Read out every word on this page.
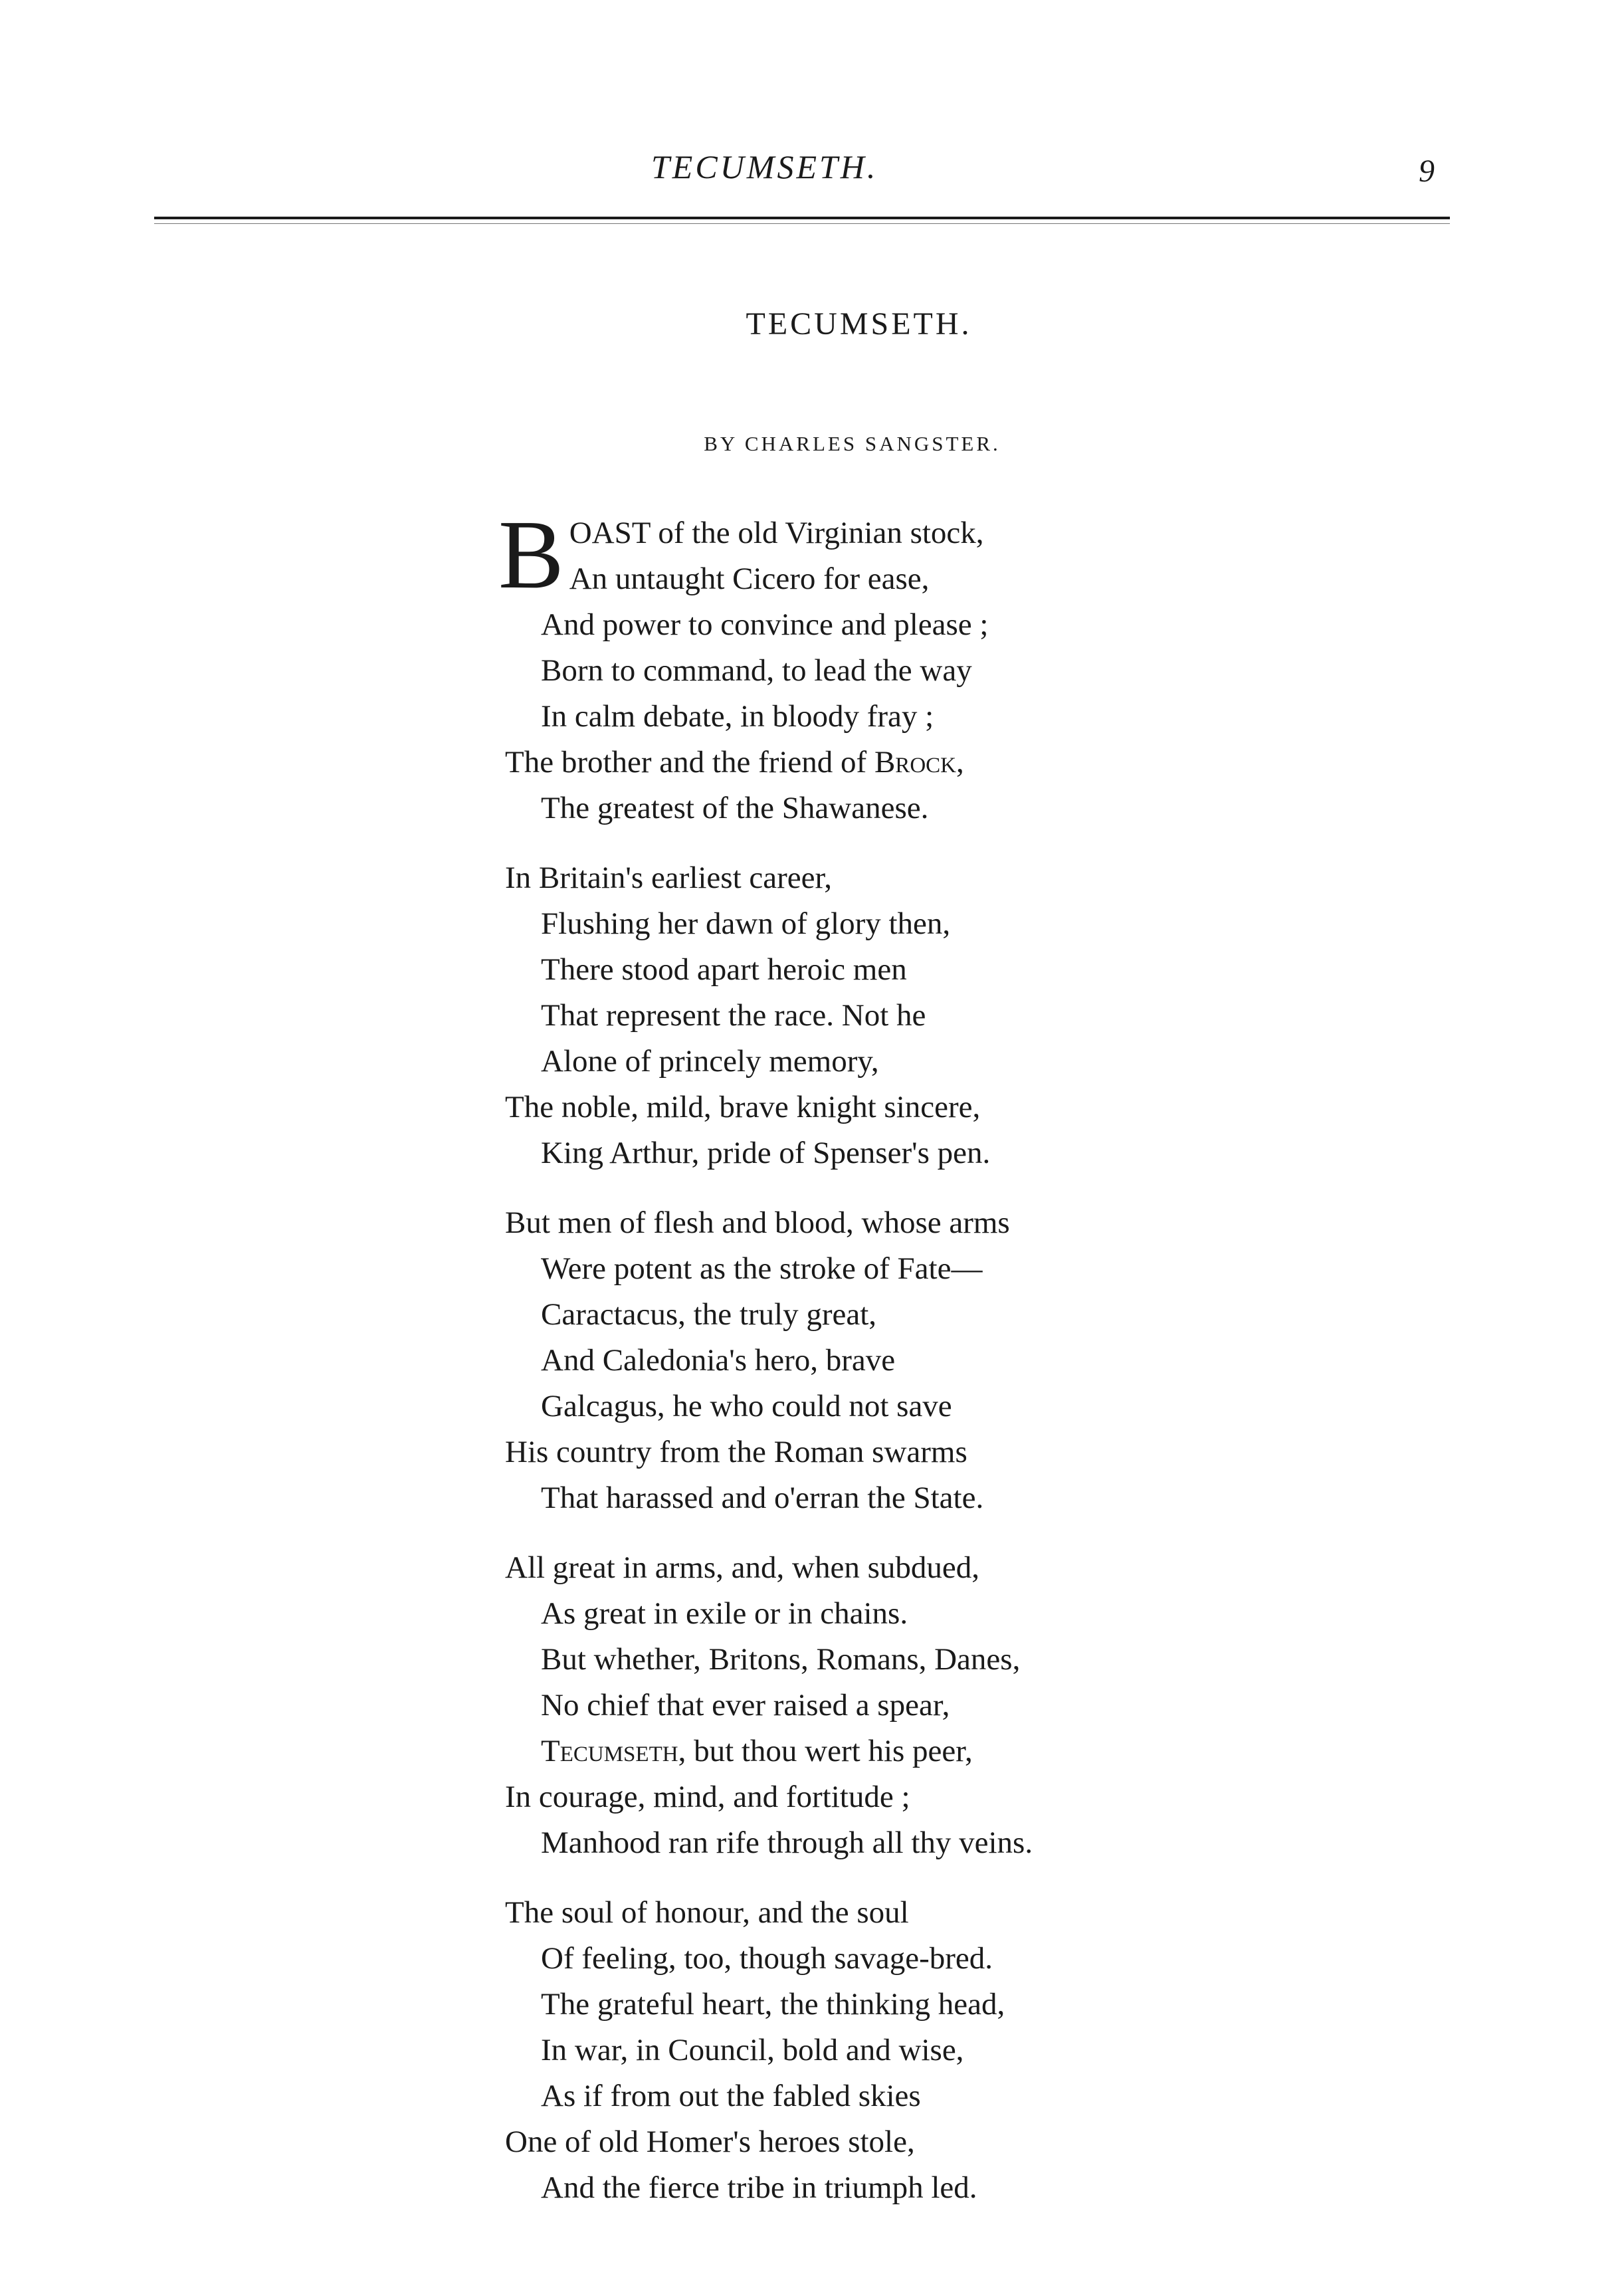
TECUMSETH.	9
TECUMSETH.
BY CHARLES SANGSTER.
B OAST of the old Virginian stock,
An untaught Cicero for ease,
And power to convince and please ;
Born to command, to lead the way
In calm debate, in bloody fray ;
The brother and the friend of Brock,
The greatest of the Shawanese.
In Britain's earliest career,
Flushing her dawn of glory then,
There stood apart heroic men
That represent the race. Not he
Alone of princely memory,
The noble, mild, brave knight sincere,
King Arthur, pride of Spenser's pen.
But men of flesh and blood, whose arms
Were potent as the stroke of Fate—
Caractacus, the truly great,
And Caledonia's hero, brave
Galcagus, he who could not save
His country from the Roman swarms
That harassed and o'erran the State.
All great in arms, and, when subdued,
As great in exile or in chains.
But whether, Britons, Romans, Danes,
No chief that ever raised a spear,
Tecumseth, but thou wert his peer,
In courage, mind, and fortitude ;
Manhood ran rife through all thy veins.
The soul of honour, and the soul
Of feeling, too, though savage-bred.
The grateful heart, the thinking head,
In war, in Council, bold and wise,
As if from out the fabled skies
One of old Homer's heroes stole,
And the fierce tribe in triumph led.
